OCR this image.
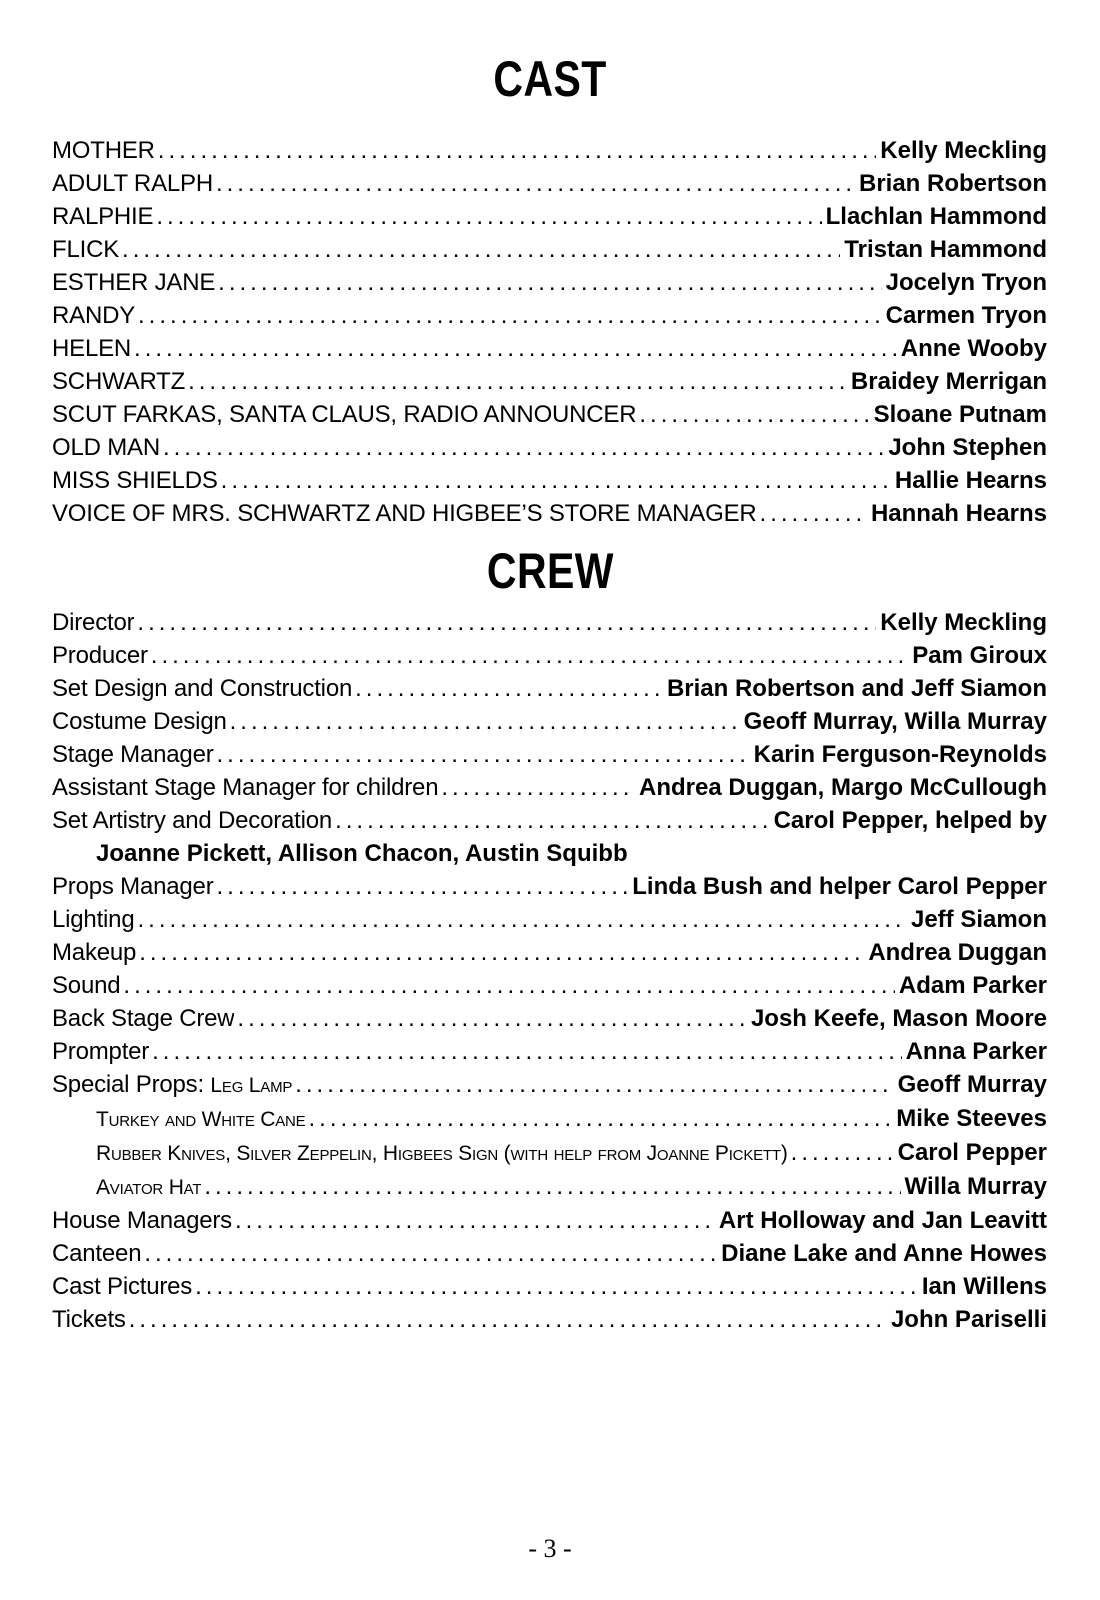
CAST
MOTHER .....	Kelly Meckling
ADULT RALPH .....	Brian Robertson
RALPHIE .....	Llachlan Hammond
FLICK .....	Tristan Hammond
ESTHER JANE .....	Jocelyn Tryon
RANDY .....	Carmen Tryon
HELEN .....	Anne Wooby
SCHWARTZ .....	Braidey Merrigan
SCUT FARKAS, SANTA CLAUS, RADIO ANNOUNCER .....	Sloane Putnam
OLD MAN .....	John Stephen
MISS SHIELDS .....	Hallie Hearns
VOICE OF MRS. SCHWARTZ AND HIGBEE’S STORE MANAGER .....	Hannah Hearns
CREW
Director .....	Kelly Meckling
Producer .....	Pam Giroux
Set Design and Construction .....	Brian Robertson and Jeff Siamon
Costume Design .....	Geoff Murray, Willa Murray
Stage Manager .....	Karin Ferguson-Reynolds
Assistant Stage Manager for children .....	Andrea Duggan, Margo McCullough
Set Artistry and Decoration .....	Carol Pepper, helped by
Joanne Pickett, Allison Chacon, Austin Squibb
Props Manager .....	Linda Bush and helper Carol Pepper
Lighting .....	Jeff Siamon
Makeup .....	Andrea Duggan
Sound .....	Adam Parker
Back Stage Crew .....	Josh Keefe, Mason Moore
Prompter .....	Anna Parker
Special Props: Leg Lamp .....	Geoff Murray
Turkey and White Cane .....	Mike Steeves
Rubber Knives, Silver Zeppelin, Higbees Sign (with help from Joanne Pickett) .....	Carol Pepper
Aviator Hat .....	Willa Murray
House Managers .....	Art Holloway and Jan Leavitt
Canteen .....	Diane Lake and Anne Howes
Cast Pictures .....	Ian Willens
Tickets .....	John Pariselli
- 3 -
